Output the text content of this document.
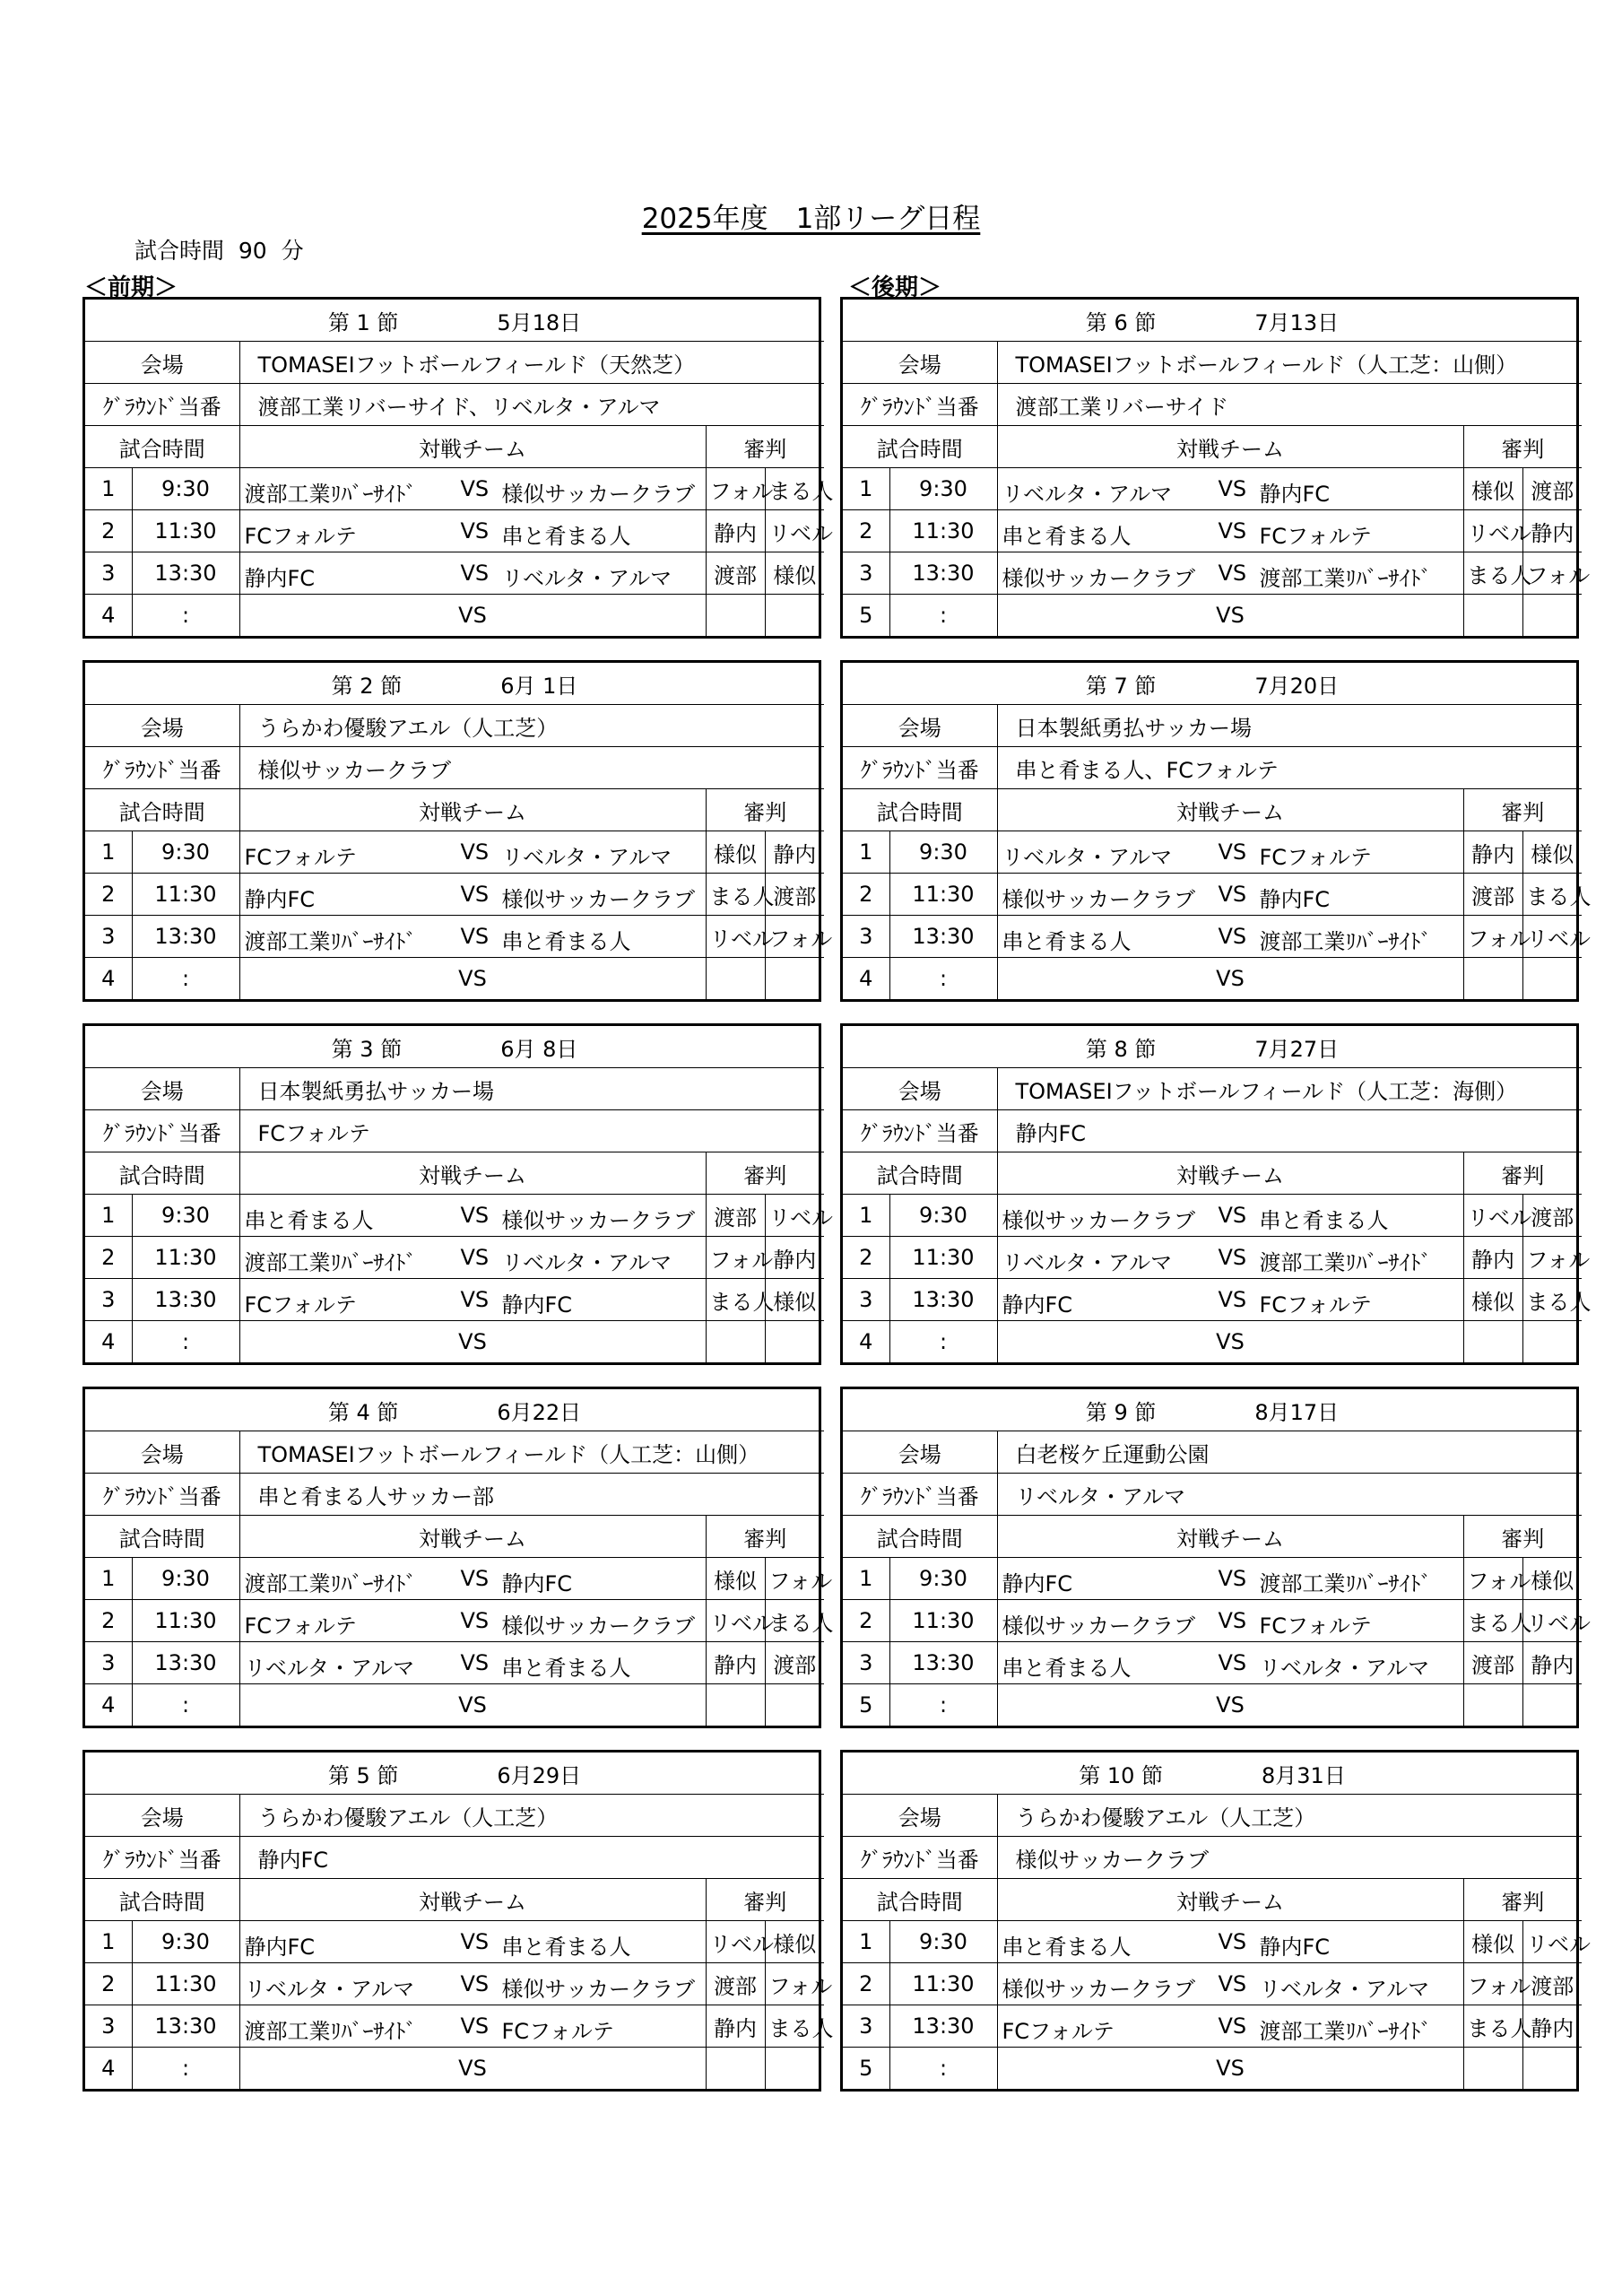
2025年度　1部リーグ日程
試合時間  90  分
＜前期＞	＜後期＞
第 1 節 5月18日				
会場		TOMASEIフットボールフィールド（天然芝）		
ｸﾞﾗｳﾝﾄﾞ当番		渡部工業リバーサイド、リベルタ・アルマ		
試合時間		対戦チーム	審判	
1	9:30	渡部工業ﾘﾊﾞｰｻｲﾄﾞ VS 様似サッカークラブ	フォル	まる人
2	11:30	FCフォルテ VS 串と肴まる人	静内	リベル
3	13:30	静内FC VS リベルタ・アルマ	渡部	様似
4	:	VS		
第 6 節 7月13日				
会場		TOMASEIフットボールフィールド（人工芝：山側）		
ｸﾞﾗｳﾝﾄﾞ当番		渡部工業リバーサイド		
試合時間		対戦チーム	審判	
1	9:30	リベルタ・アルマ VS 静内FC	様似	渡部
2	11:30	串と肴まる人 VS FCフォルテ	リベル	静内
3	13:30	様似サッカークラブ VS 渡部工業ﾘﾊﾞｰｻｲﾄﾞ	まる人	フォル
5	:	VS		
第 2 節 6月 1日				
会場		うらかわ優駿アエル（人工芝）		
ｸﾞﾗｳﾝﾄﾞ当番		様似サッカークラブ		
試合時間		対戦チーム	審判	
1	9:30	FCフォルテ VS リベルタ・アルマ	様似	静内
2	11:30	静内FC VS 様似サッカークラブ	まる人	渡部
3	13:30	渡部工業ﾘﾊﾞｰｻｲﾄﾞ VS 串と肴まる人	リベル	フォル
4	:	VS		
第 7 節 7月20日				
会場		日本製紙勇払サッカー場		
ｸﾞﾗｳﾝﾄﾞ当番		串と肴まる人、FCフォルテ		
試合時間		対戦チーム	審判	
1	9:30	リベルタ・アルマ VS FCフォルテ	静内	様似
2	11:30	様似サッカークラブ VS 静内FC	渡部	まる人
3	13:30	串と肴まる人 VS 渡部工業ﾘﾊﾞｰｻｲﾄﾞ	フォル	リベル
4	:	VS		
第 3 節 6月 8日				
会場		日本製紙勇払サッカー場		
ｸﾞﾗｳﾝﾄﾞ当番		FCフォルテ		
試合時間		対戦チーム	審判	
1	9:30	串と肴まる人 VS 様似サッカークラブ	渡部	リベル
2	11:30	渡部工業ﾘﾊﾞｰｻｲﾄﾞ VS リベルタ・アルマ	フォル	静内
3	13:30	FCフォルテ VS 静内FC	まる人	様似
4	:	VS		
第 8 節 7月27日				
会場		TOMASEIフットボールフィールド（人工芝：海側）		
ｸﾞﾗｳﾝﾄﾞ当番		静内FC		
試合時間		対戦チーム	審判	
1	9:30	様似サッカークラブ VS 串と肴まる人	リベル	渡部
2	11:30	リベルタ・アルマ VS 渡部工業ﾘﾊﾞｰｻｲﾄﾞ	静内	フォル
3	13:30	静内FC VS FCフォルテ	様似	まる人
4	:	VS		
第 4 節 6月22日				
会場		TOMASEIフットボールフィールド（人工芝：山側）		
ｸﾞﾗｳﾝﾄﾞ当番		串と肴まる人サッカー部		
試合時間		対戦チーム	審判	
1	9:30	渡部工業ﾘﾊﾞｰｻｲﾄﾞ VS 静内FC	様似	フォル
2	11:30	FCフォルテ VS 様似サッカークラブ	リベル	まる人
3	13:30	リベルタ・アルマ VS 串と肴まる人	静内	渡部
4	:	VS		
第 9 節 8月17日				
会場		白老桜ケ丘運動公園		
ｸﾞﾗｳﾝﾄﾞ当番		リベルタ・アルマ		
試合時間		対戦チーム	審判	
1	9:30	静内FC VS 渡部工業ﾘﾊﾞｰｻｲﾄﾞ	フォル	様似
2	11:30	様似サッカークラブ VS FCフォルテ	まる人	リベル
3	13:30	串と肴まる人 VS リベルタ・アルマ	渡部	静内
5	:	VS		
第 5 節 6月29日				
会場		うらかわ優駿アエル（人工芝）		
ｸﾞﾗｳﾝﾄﾞ当番		静内FC		
試合時間		対戦チーム	審判	
1	9:30	静内FC VS 串と肴まる人	リベル	様似
2	11:30	リベルタ・アルマ VS 様似サッカークラブ	渡部	フォル
3	13:30	渡部工業ﾘﾊﾞｰｻｲﾄﾞ VS FCフォルテ	静内	まる人
4	:	VS		
第 10 節 8月31日				
会場		うらかわ優駿アエル（人工芝）		
ｸﾞﾗｳﾝﾄﾞ当番		様似サッカークラブ		
試合時間		対戦チーム	審判	
1	9:30	串と肴まる人 VS 静内FC	様似	リベル
2	11:30	様似サッカークラブ VS リベルタ・アルマ	フォル	渡部
3	13:30	FCフォルテ VS 渡部工業ﾘﾊﾞｰｻｲﾄﾞ	まる人	静内
5	:	VS		
